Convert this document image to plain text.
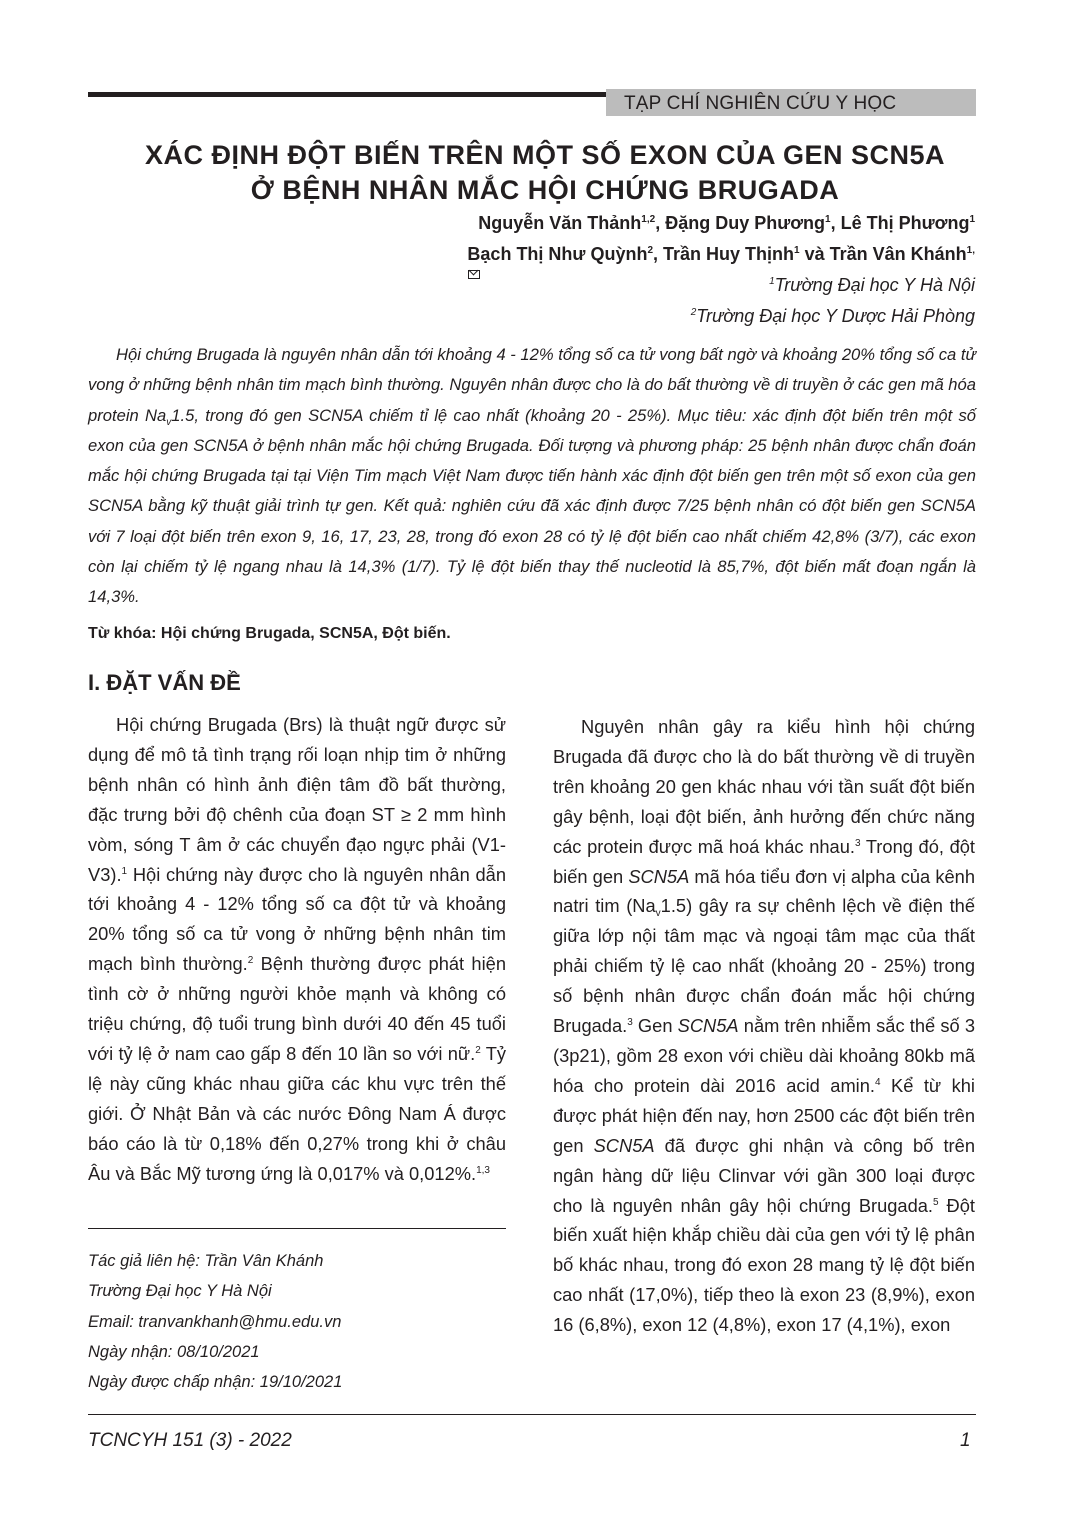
TẠP CHÍ NGHIÊN CỨU Y HỌC
XÁC ĐỊNH ĐỘT BIẾN TRÊN MỘT SỐ EXON CỦA GEN SCN5A
Ở BỆNH NHÂN MẮC HỘI CHỨNG BRUGADA
Nguyễn Văn Thảnh$^{1,2}$, Đặng Duy Phương$^1$, Lê Thị Phương$^1$
Bạch Thị Như Quỳnh$^2$, Trần Huy Thịnh$^1$ và Trần Vân Khánh$^{1,}$
$^1$Trường Đại học Y Hà Nội
$^2$Trường Đại học Y Dược Hải Phòng

Hội chứng Brugada là nguyên nhân dẫn tới khoảng 4 - 12% tổng số ca tử vong bất ngờ và khoảng 20% tổng số ca tử vong ở những bệnh nhân tim mạch bình thường. Nguyên nhân được cho là do bất thường về di truyền ở các gen mã hóa protein $Na_v1.5$, trong đó gen SCN5A chiếm tỉ lệ cao nhất (khoảng 20 - 25%). Mục tiêu: xác định đột biến trên một số exon của gen SCN5A ở bệnh nhân mắc hội chứng Brugada. Đối tượng và phương pháp: 25 bệnh nhân được chẩn đoán mắc hội chứng Brugada tại tại Viện Tim mạch Việt Nam được tiến hành xác định đột biến gen trên một số exon của gen SCN5A bằng kỹ thuật giải trình tự gen. Kết quả: nghiên cứu đã xác định được 7/25 bệnh nhân có đột biến gen SCN5A với 7 loại đột biến trên exon 9, 16, 17, 23, 28, trong đó exon 28 có tỷ lệ đột biến cao nhất chiếm 42,8% (3/7), các exon còn lại chiếm tỷ lệ ngang nhau là 14,3% (1/7). Tỷ lệ đột biến thay thế nucleotid là 85,7%, đột biến mất đoạn ngắn là 14,3%.

Từ khóa: Hội chứng Brugada, SCN5A, Đột biến.
I. ĐẶT VẤN ĐỀ

Hội chứng Brugada (Brs) là thuật ngữ được sử dụng để mô tả tình trạng rối loạn nhịp tim ở những bệnh nhân có hình ảnh điện tâm đồ bất thường, đặc trưng bởi độ chênh của đoạn ST ≥ 2 mm hình vòm, sóng T âm ở các chuyển đạo ngực phải (V1-V3).$^1$ Hội chứng này được cho là nguyên nhân dẫn tới khoảng 4 - 12% tổng số ca đột tử và khoảng 20% tổng số ca tử vong ở những bệnh nhân tim mạch bình thường.$^2$ Bệnh thường được phát hiện tình cờ ở những người khỏe mạnh và không có triệu chứng, độ tuổi trung bình dưới 40 đến 45 tuổi với tỷ lệ ở nam cao gấp 8 đến 10 lần so với nữ.$^2$ Tỷ lệ này cũng khác nhau giữa các khu vực trên thế giới. Ở Nhật Bản và các nước Đông Nam Á được báo cáo là từ 0,18% đến 0,27% trong khi ở châu Âu và Bắc Mỹ tương ứng là 0,017% và 0,012%.$^{1,3}$

Tác giả liên hệ: Trần Vân Khánh
Trường Đại học Y Hà Nội
Email: tranvankhanh@hmu.edu.vn
Ngày nhận: 08/10/2021
Ngày được chấp nhận: 19/10/2021

Nguyên nhân gây ra kiểu hình hội chứng Brugada đã được cho là do bất thường về di truyền trên khoảng 20 gen khác nhau với tần suất đột biến gây bệnh, loại đột biến, ảnh hưởng đến chức năng các protein được mã hoá khác nhau.$^3$ Trong đó, đột biến gen SCN5A mã hóa tiểu đơn vị alpha của kênh natri tim $(Na_v1.5)$ gây ra sự chênh lệch về điện thế giữa lớp nội tâm mạc và ngoại tâm mạc của thất phải chiếm tỷ lệ cao nhất (khoảng 20 - 25%) trong số bệnh nhân được chẩn đoán mắc hội chứng Brugada.$^3$ Gen SCN5A nằm trên nhiễm sắc thể số 3 (3p21), gồm 28 exon với chiều dài khoảng 80kb mã hóa cho protein dài 2016 acid amin.$^4$ Kể từ khi được phát hiện đến nay, hơn 2500 các đột biến trên gen SCN5A đã được ghi nhận và công bố trên ngân hàng dữ liệu Clinvar với gần 300 loại được cho là nguyên nhân gây hội chứng Brugada.$^5$ Đột biến xuất hiện khắp chiều dài của gen với tỷ lệ phân bố khác nhau, trong đó exon 28 mang tỷ lệ đột biến cao nhất (17,0%), tiếp theo là exon 23 (8,9%), exon 16 (6,8%), exon 12 (4,8%), exon 17 (4,1%), exon

TCNCYH 151 (3) - 2022	1
